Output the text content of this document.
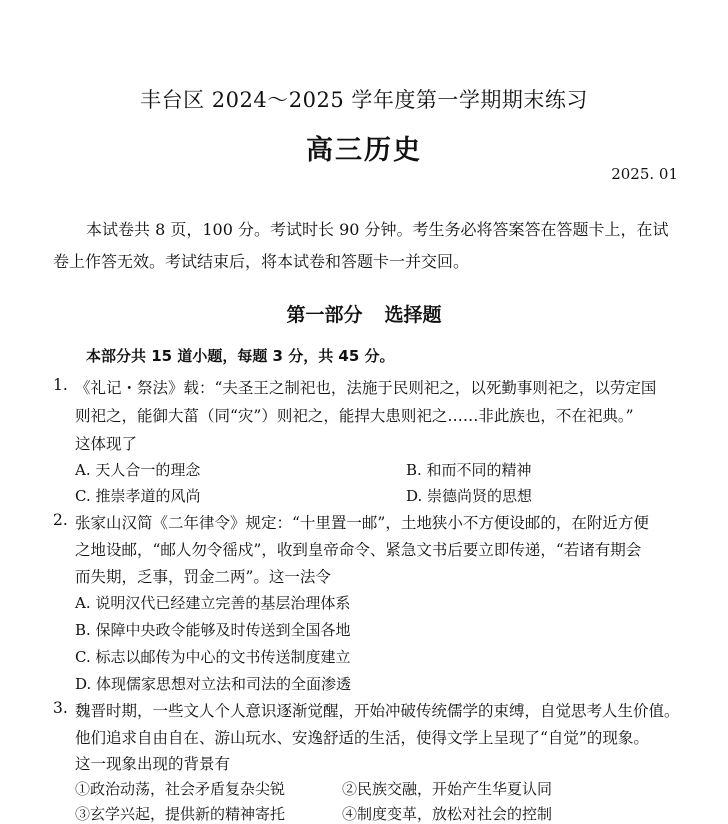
丰台区 2024～2025 学年度第一学期期末练习
高三历史
2025. 01
本试卷共 8 页，100 分。考试时长 90 分钟。考生务必将答案答在答题卡上，在试
卷上作答无效。考试结束后，将本试卷和答题卡一并交回。
第一部分 选择题
本部分共 15 道小题，每题 3 分，共 45 分。
1. 《礼记・祭法》载：“夫圣王之制祀也，法施于民则祀之，以死勤事则祀之，以劳定国
则祀之，能御大菑（同“灾”）则祀之，能捍大患则祀之……非此族也，不在祀典。”
这体现了
A. 天人合一的理念	B. 和而不同的精神
C. 推崇孝道的风尚	D. 崇德尚贤的思想
2. 张家山汉简《二年律令》规定：“十里置一邮”，土地狭小不方便设邮的，在附近方便
之地设邮，“邮人勿令徭戍”，收到皇帝命令、紧急文书后要立即传递，“若诸有期会
而失期，乏事，罚金二两”。这一法令
A. 说明汉代已经建立完善的基层治理体系
B. 保障中央政令能够及时传送到全国各地
C. 标志以邮传为中心的文书传送制度建立
D. 体现儒家思想对立法和司法的全面渗透
3. 魏晋时期，一些文人个人意识逐渐觉醒，开始冲破传统儒学的束缚，自觉思考人生价值。
他们追求自由自在、游山玩水、安逸舒适的生活，使得文学上呈现了“自觉”的现象。
这一现象出现的背景有
①政治动荡，社会矛盾复杂尖锐	②民族交融，开始产生华夏认同
③玄学兴起，提供新的精神寄托	④制度变革，放松对社会的控制
